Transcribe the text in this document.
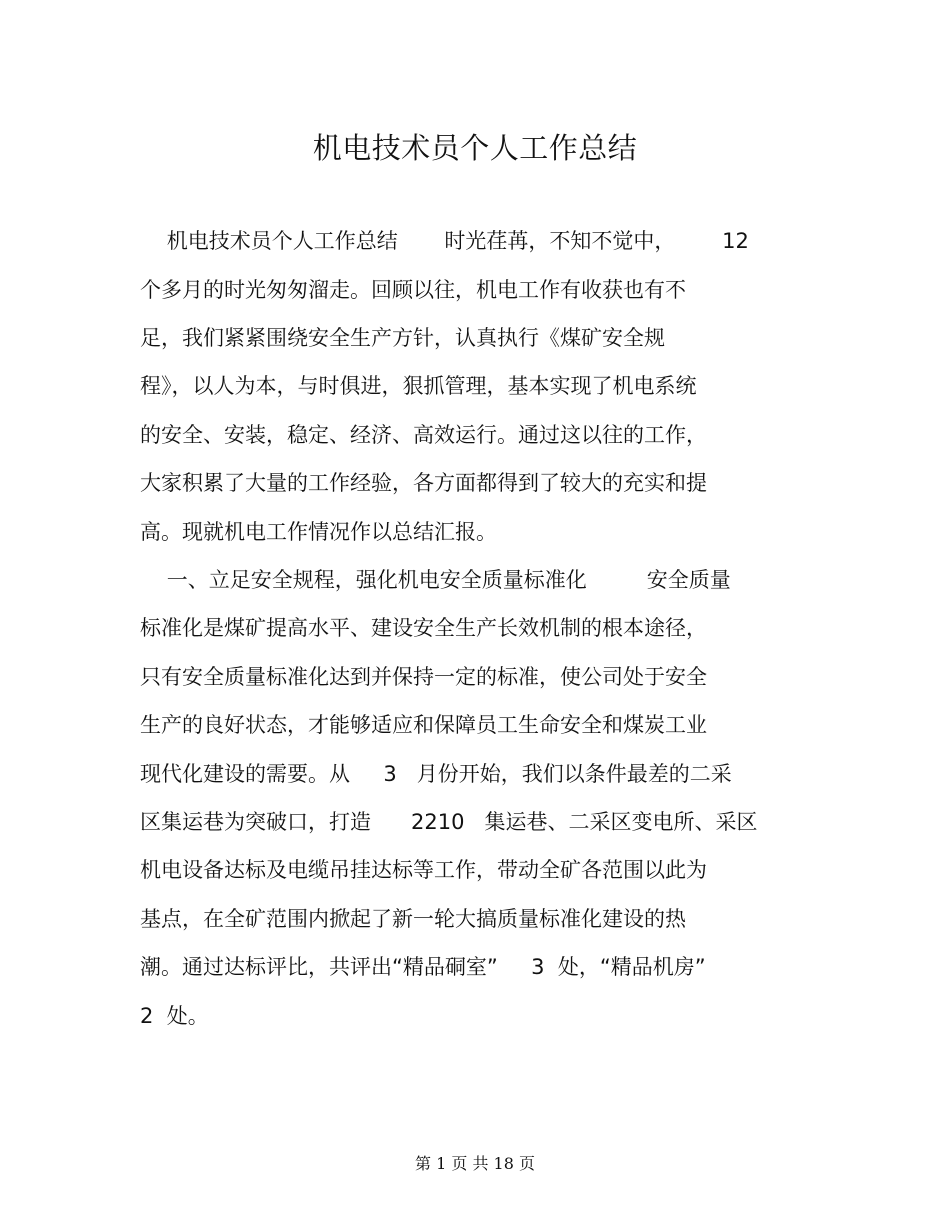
机电技术员个人工作总结
机电技术员个人工作总结       时光荏苒，不知不觉中，       12
个多月的时光匆匆溜走。回顾以往，机电工作有收获也有不
足，我们紧紧围绕安全生产方针，认真执行《煤矿安全规
程》，以人为本，与时俱进，狠抓管理，基本实现了机电系统
的安全、安装，稳定、经济、高效运行。通过这以往的工作，
大家积累了大量的工作经验，各方面都得到了较大的充实和提
高。现就机电工作情况作以总结汇报。
一、立足安全规程，强化机电安全质量标准化         安全质量
标准化是煤矿提高水平、建设安全生产长效机制的根本途径，
只有安全质量标准化达到并保持一定的标准，使公司处于安全
生产的良好状态，才能够适应和保障员工生命安全和煤炭工业
现代化建设的需要。从     3   月份开始，我们以条件最差的二采
区集运巷为突破口，打造      2210   集运巷、二采区变电所、采区
机电设备达标及电缆吊挂达标等工作，带动全矿各范围以此为
基点，在全矿范围内掀起了新一轮大搞质量标准化建设的热
潮。通过达标评比，共评出“精品硐室”     3  处，“精品机房”
2  处。
第 1 页 共 18 页
